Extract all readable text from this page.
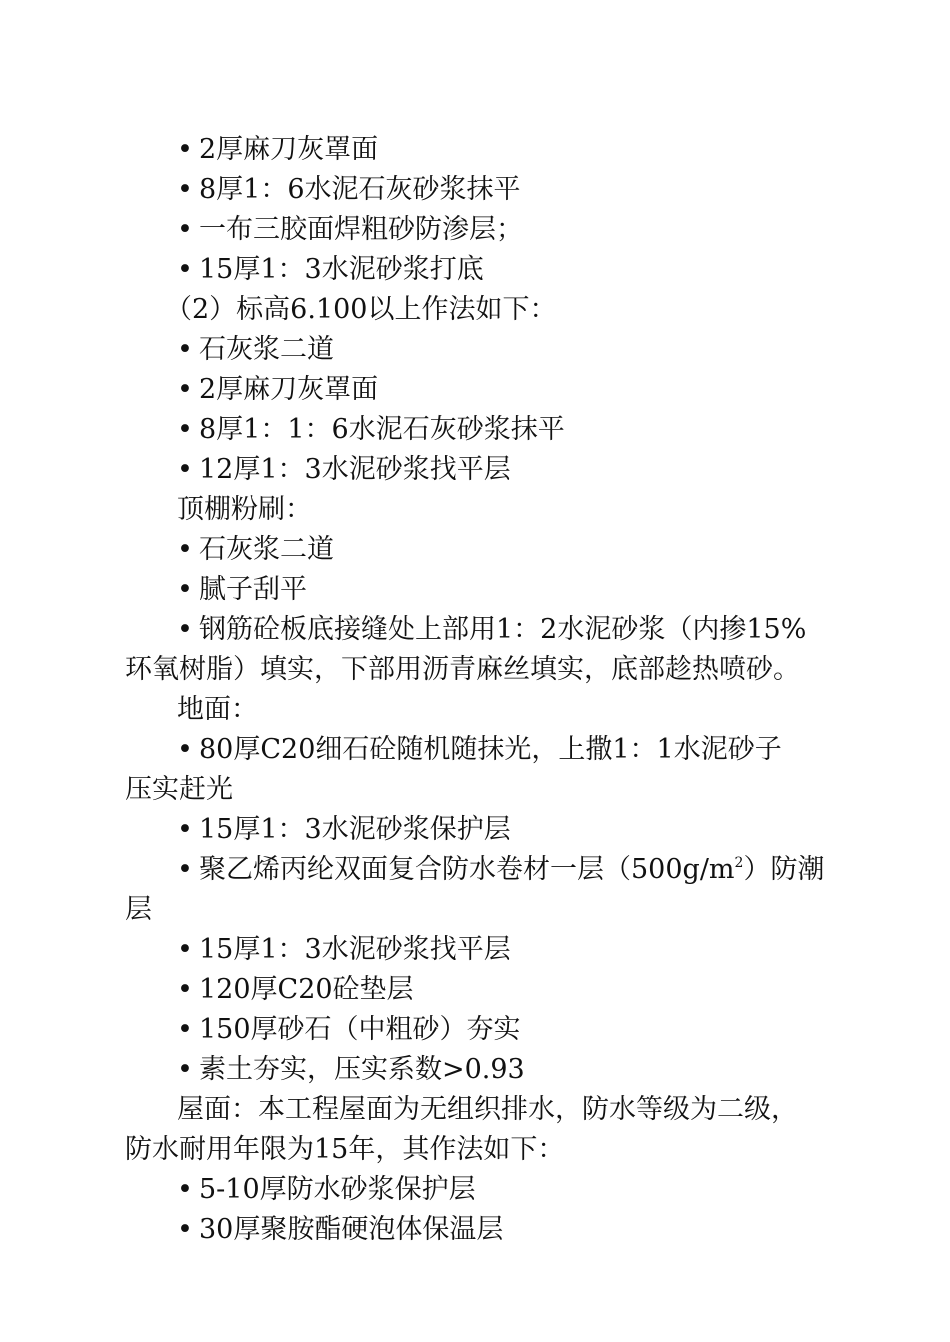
• 2厚麻刀灰罩面
• 8厚1：6水泥石灰砂浆抹平
• 一布三胶面焊粗砂防渗层；
• 15厚1：3水泥砂浆打底
（2）标高6.100以上作法如下：
• 石灰浆二道
• 2厚麻刀灰罩面
• 8厚1：1：6水泥石灰砂浆抹平
• 12厚1：3水泥砂浆找平层
顶棚粉刷：
• 石灰浆二道
• 腻子刮平
• 钢筋砼板底接缝处上部用1：2水泥砂浆（内掺15%
环氧树脂）填实，下部用沥青麻丝填实，底部趁热喷砂。
地面：
• 80厚C20细石砼随机随抹光，上撒1：1水泥砂子
压实赶光
• 15厚1：3水泥砂浆保护层
• 聚乙烯丙纶双面复合防水卷材一层$(500g/m^2)$防潮
层
• 15厚1：3水泥砂浆找平层
• 120厚C20砼垫层
• 150厚砂石（中粗砂）夯实
• 素土夯实，压实系数>0.93
屋面：本工程屋面为无组织排水，防水等级为二级，
防水耐用年限为15年，其作法如下：
• 5-10厚防水砂浆保护层
• 30厚聚胺酯硬泡体保温层
